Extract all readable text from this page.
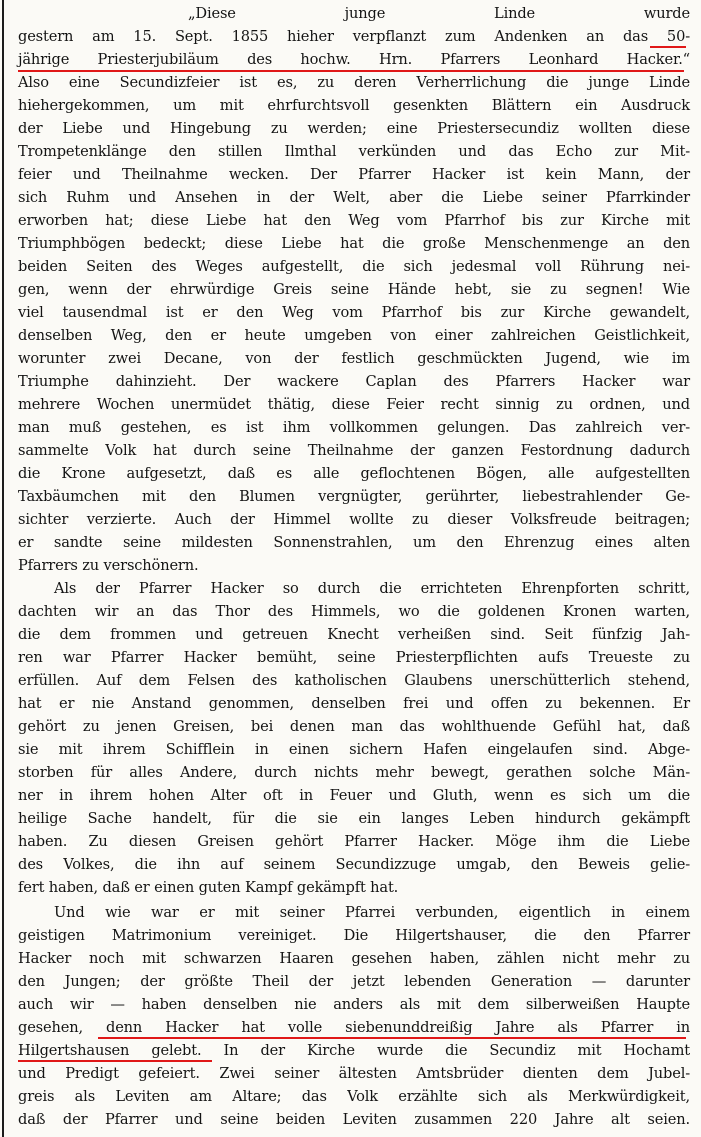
„Diese junge Linde wurde
gestern am 15. Sept. 1855 hieher verpflanzt zum Andenken an das 50-
jährige Priesterjubiläum des hochw. Hrn. Pfarrers Leonhard Hacker.“
Also eine Secundizfeier ist es, zu deren Verherrlichung die junge Linde
hiehergekommen, um mit ehrfurchtsvoll gesenkten Blättern ein Ausdruck
der Liebe und Hingebung zu werden; eine Priestersecundiz wollten diese
Trompetenklänge den stillen Ilmthal verkünden und das Echo zur Mit-
feier und Theilnahme wecken. Der Pfarrer Hacker ist kein Mann, der
sich Ruhm und Ansehen in der Welt, aber die Liebe seiner Pfarrkinder
erworben hat; diese Liebe hat den Weg vom Pfarrhof bis zur Kirche mit
Triumphbögen bedeckt; diese Liebe hat die große Menschenmenge an den
beiden Seiten des Weges aufgestellt, die sich jedesmal voll Rührung nei-
gen, wenn der ehrwürdige Greis seine Hände hebt, sie zu segnen! Wie
viel tausendmal ist er den Weg vom Pfarrhof bis zur Kirche gewandelt,
denselben Weg, den er heute umgeben von einer zahlreichen Geistlichkeit,
worunter zwei Decane, von der festlich geschmückten Jugend, wie im
Triumphe dahinzieht. Der wackere Caplan des Pfarrers Hacker war
mehrere Wochen unermüdet thätig, diese Feier recht sinnig zu ordnen, und
man muß gestehen, es ist ihm vollkommen gelungen. Das zahlreich ver-
sammelte Volk hat durch seine Theilnahme der ganzen Festordnung dadurch
die Krone aufgesetzt, daß es alle geflochtenen Bögen, alle aufgestellten
Taxbäumchen mit den Blumen vergnügter, gerührter, liebestrahlender Ge-
sichter verzierte. Auch der Himmel wollte zu dieser Volksfreude beitragen;
er sandte seine mildesten Sonnenstrahlen, um den Ehrenzug eines alten
Pfarrers zu verschönern.
Als der Pfarrer Hacker so durch die errichteten Ehrenpforten schritt,
dachten wir an das Thor des Himmels, wo die goldenen Kronen warten,
die dem frommen und getreuen Knecht verheißen sind. Seit fünfzig Jah-
ren war Pfarrer Hacker bemüht, seine Priesterpflichten aufs Treueste zu
erfüllen. Auf dem Felsen des katholischen Glaubens unerschütterlich stehend,
hat er nie Anstand genommen, denselben frei und offen zu bekennen. Er
gehört zu jenen Greisen, bei denen man das wohlthuende Gefühl hat, daß
sie mit ihrem Schifflein in einen sichern Hafen eingelaufen sind. Abge-
storben für alles Andere, durch nichts mehr bewegt, gerathen solche Män-
ner in ihrem hohen Alter oft in Feuer und Gluth, wenn es sich um die
heilige Sache handelt, für die sie ein langes Leben hindurch gekämpft
haben. Zu diesen Greisen gehört Pfarrer Hacker. Möge ihm die Liebe
des Volkes, die ihn auf seinem Secundizzuge umgab, den Beweis gelie-
fert haben, daß er einen guten Kampf gekämpft hat.
Und wie war er mit seiner Pfarrei verbunden, eigentlich in einem
geistigen Matrimonium vereiniget. Die Hilgertshauser, die den Pfarrer
Hacker noch mit schwarzen Haaren gesehen haben, zählen nicht mehr zu
den Jungen; der größte Theil der jetzt lebenden Generation — darunter
auch wir — haben denselben nie anders als mit dem silberweißen Haupte
gesehen, denn Hacker hat volle siebenunddreißig Jahre als Pfarrer in
Hilgertshausen gelebt. In der Kirche wurde die Secundiz mit Hochamt
und Predigt gefeiert. Zwei seiner ältesten Amtsbrüder dienten dem Jubel-
greis als Leviten am Altare; das Volk erzählte sich als Merkwürdigkeit,
daß der Pfarrer und seine beiden Leviten zusammen 220 Jahre alt seien.
